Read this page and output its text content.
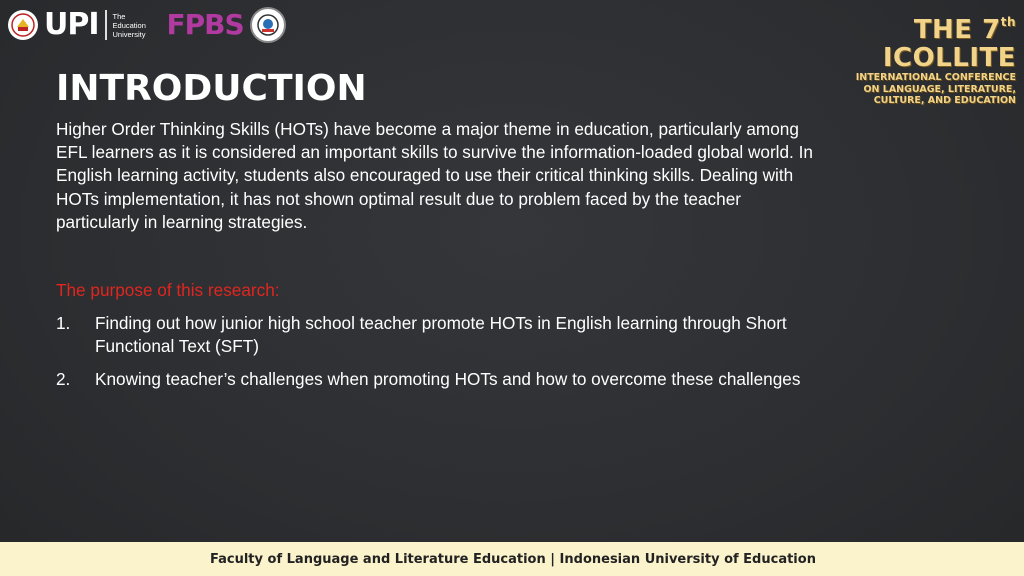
UPI The Education University FPBS	THE 7th ICOLLITE
INTERNATIONAL CONFERENCE
ON LANGUAGE, LITERATURE,
CULTURE, AND EDUCATION
INTRODUCTION
Higher Order Thinking Skills (HOTs) have become a major theme in education, particularly among
EFL learners as it is considered an important skills to survive the information-loaded global world. In
English learning activity, students also encouraged to use their critical thinking skills. Dealing with
HOTs implementation, it has not shown optimal result due to problem faced by the teacher
particularly in learning strategies.
The purpose of this research:
1.	Finding out how junior high school teacher promote HOTs in English learning through Short
Functional Text (SFT)
2.	Knowing teacher’s challenges when promoting HOTs and how to overcome these challenges
Faculty of Language and Literature Education | Indonesian University of Education
